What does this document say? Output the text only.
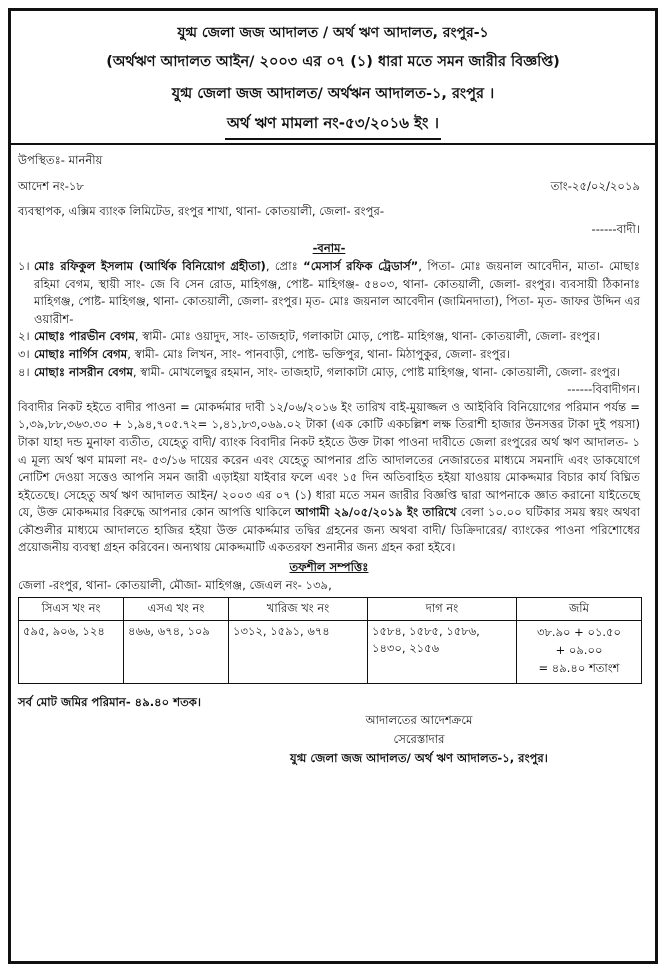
যুগ্ম জেলা জজ আদালত / অর্থ ঋণ আদালত, রংপুর-১
(অর্থঋণ আদালত আইন/ ২০০৩ এর ০৭ (১) ধারা মতে সমন জারীর বিজ্ঞপ্তি)
যুগ্ম জেলা জজ আদালত/ অর্থঋন আদালত-১, রংপুর ।
অর্থ ঋণ মামলা নং-৫৩/২০১৬ ইং ।
উপস্থিতঃ- মাননীয়
আদেশ নং-১৮	তাং-২৫/০২/২০১৯
ব্যবস্থাপক, এক্সিম ব্যাংক লিমিটেড, রংপুর শাখা, থানা- কোতয়ালী, জেলা- রংপুর-
------বাদী।
-বনাম-
১। মোঃ রফিকুল ইসলাম (আর্থিক বিনিয়োগ গ্রহীতা), প্রোঃ “মেসার্স রফিক ট্রেডার্স”, পিতা- মোঃ জয়নাল আবেদীন, মাতা- মোছাঃ রহিমা বেগম, স্থায়ী সাং- জে বি সেন রোড, মাহিগঞ্জ, পোষ্ট- মাহিগঞ্জ- ৫৪০৩, থানা- কোতয়ালী, জেলা- রংপুর। ব্যবসায়ী ঠিকানাঃ মাহিগঞ্জ, পোষ্ট- মাহিগঞ্জ, থানা- কোতয়ালী, জেলা- রংপুর। মৃত- মোঃ জয়নাল আবেদীন (জামিনদাতা), পিতা- মৃত- জাফর উদ্দিন এর ওয়ারীশ-
২। মোছাঃ পারভীন বেগম, স্বামী- মোঃ ওয়াদুদ, সাং- তাজহাট, গলাকাটা মোড়, পোষ্ট- মাহিগঞ্জ, থানা- কোতয়ালী, জেলা- রংপুর।
৩। মোছাঃ নার্গিস বেগম, স্বামী- মোঃ লিখন, সাং- পানবাড়ী, পোষ্ট- ভক্তিপুর, থানা- মিঠাপুকুর, জেলা- রংপুর।
৪। মোছাঃ নাসরীন বেগম, স্বামী- মোখলেছুর রহমান, সাং- তাজহাট, গলাকাটা মোড়, পোষ্ট মাহিগঞ্জ, থানা- কোতয়ালী, জেলা- রংপুর।
------বিবাদীগন।
বিবাদীর নিকট হইতে বাদীর পাওনা = মোকর্দ্দমার দাবী ১২/০৬/২০১৬ ইং তারিখ বাই-মুয়াজ্জল ও আইবিবি বিনিয়োগের পরিমান পর্যন্ত = ১,৩৯,৮৮,৩৬৩.৩০ + ১,৯৪,৭০৫.৭২= ১,৪১,৮৩,০৬৯.০২ টাকা (এক কোটি একচল্লিশ লক্ষ তিরাশী হাজার উনসত্তর টাকা দুই পয়সা) টাকা যাহা দন্ড মুনাফা ব্যতীত, যেহেতু বাদী/ ব্যাংক বিবাদীর নিকট হইতে উক্ত টাকা পাওনা দাবীতে জেলা রংপুরের অর্থ ঋণ আদালত- ১ এ মূল্য অর্থ ঋণ মামলা নং- ৫৩/১৬ দায়ের করেন এবং যেহেতু আপনার প্রতি আদালতের নেজারতের মাধ্যমে সমনাদি এবং ডাকযোগে নোটিশ দেওয়া সত্তেও আপনি সমন জারী এড়াইয়া যাইবার ফলে এবং ১৫ দিন অতিবাহিত হইয়া যাওয়ায় মোকদ্দমার বিচার কার্য বিঘ্নিত হইতেছে। সেহেতু অর্থ ঋণ আদালত আইন/ ২০০৩ এর ০৭ (১) ধারা মতে সমন জারীর বিজ্ঞপ্তি দ্বারা আপনাকে জ্ঞাত করানো যাইতেছে যে, উক্ত মোকদ্দমার বিরুদ্ধে আপনার কোন আপত্তি থাকিলে আগামী ২৯/০৫/২০১৯ ইং তারিখে বেলা ১০.০০ ঘটিকার সময় স্বয়ং অথবা কৌশুলীর মাধ্যমে আদালতে হাজির হইয়া উক্ত মোকর্দ্দমার তদ্বির গ্রহনের জন্য অথবা বাদী/ ডিক্রিদারের/ ব্যাংকের পাওনা পরিশোধের প্রয়োজনীয় ব্যবস্থা গ্রহন করিবেন। অন্যথায় মোকদ্দমাটি একতরফা শুনানীর জন্য গ্রহন করা হইবে।
তফশীল সম্পত্তিঃ
জেলা -রংপুর, থানা- কোতয়ালী, মৌজা- মাহিগঞ্জ, জেএল নং- ১৩৯,
সিএস খং নং	এসএ খং নং	খারিজ খং নং	দাগ নং	জমি
৫৯৫, ৯০৬, ১২৪	৪৬৬, ৬৭৪, ১০৯	১৩১২, ১৫৯১, ৬৭৪	১৫৮৪, ১৫৮৫, ১৫৮৬, ১৪৩০, ২১৫৬	৩৮.৯০ + ০১.৫০
+ ০৯.০০
= ৪৯.৪০ শতাংশ
সর্ব মোট জমির পরিমান- ৪৯.৪০ শতক।
আদালতের আদেশক্রমে
সেরেস্তাদার
যুগ্ম জেলা জজ আদালত/ অর্থ ঋণ আদালত-১, রংপুর।
